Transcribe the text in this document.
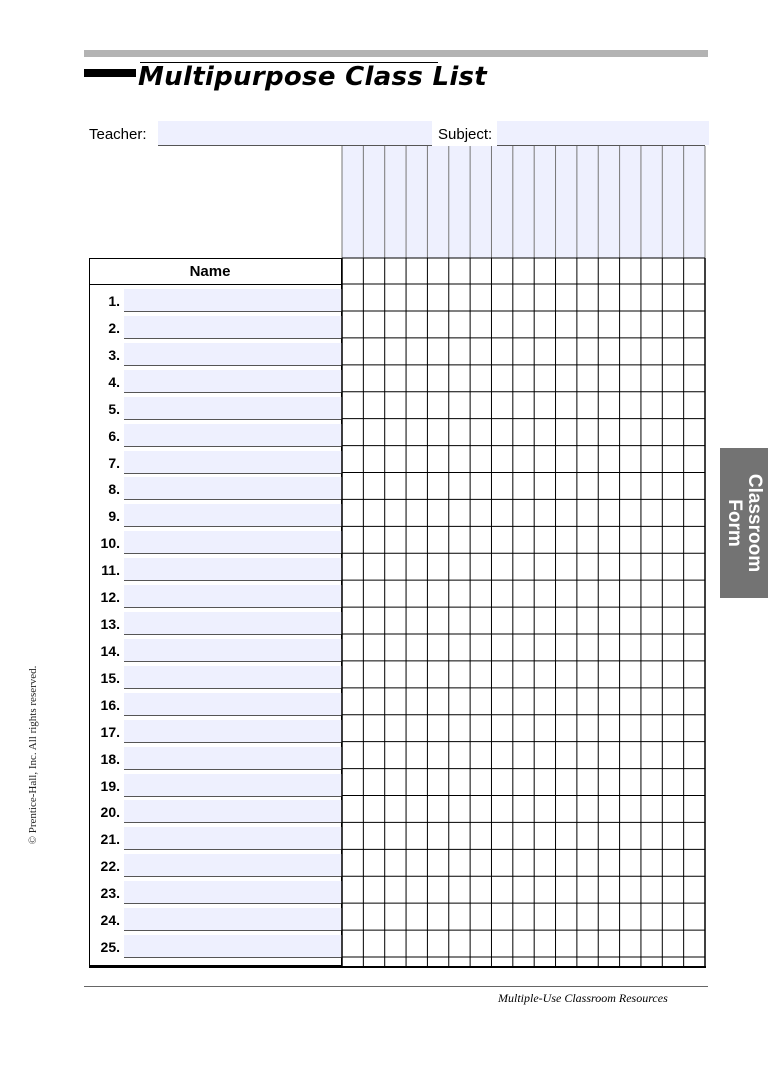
Multipurpose Class List
Teacher:	Subject:
Name
1.
2.
3.
4.
5.
6.
7.
8.
9.
10.
11.
12.
13.
14.
15.
16.
17.
18.
19.
20.
21.
22.
23.
24.
25.
Classroom
Form
© Prentice-Hall, Inc. All rights reserved.
Multiple-Use Classroom Resources
